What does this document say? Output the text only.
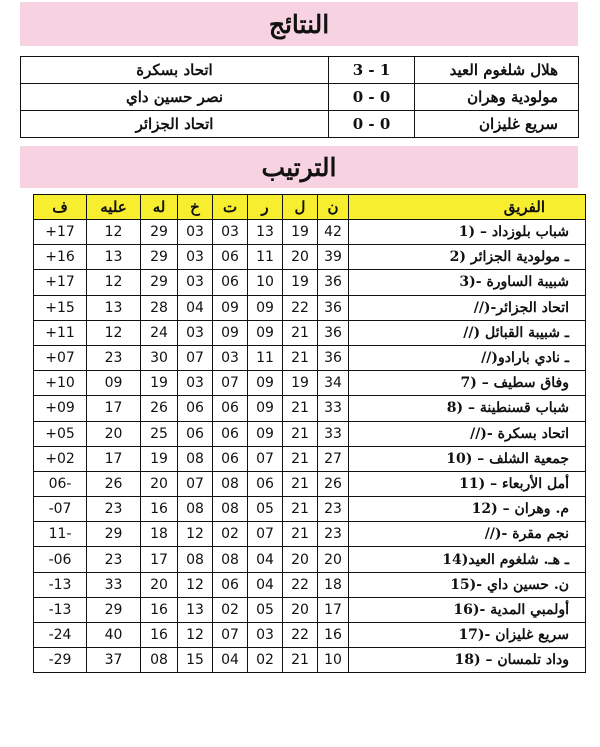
النتائج
اتحاد بسكرة	3 - 1	هلال شلغوم العيد
نصر حسين داي	0 - 0	مولودية وهران
اتحاد الجزائر	0 - 0	سريع غليزان
الترتيب
ف	عليه	له	خ	ت	ر	ل	ن	الفريق
+17	12	29	03	03	13	19	42	1) – شباب بلوزداد
+16	13	29	03	06	11	20	39	2) ـ مولودية الجزائر
+17	12	29	03	06	10	19	36	3)- شبيبة الساورة
+15	13	28	04	09	09	22	36	//)-اتحاد الجزائر
+11	12	24	03	09	09	21	36	//) ـ شبيبة القبائل
+07	23	30	07	03	11	21	36	//)ـ نادي بارادو
+10	09	19	03	07	09	19	34	7) – وفاق سطيف
+09	17	26	06	06	09	21	33	8) – شباب قسنطينة
+05	20	25	06	06	09	21	33	//)- اتحاد بسكرة
+02	17	19	08	06	07	21	27	10) – جمعية الشلف
06-	26	20	07	08	06	21	26	11) – أمل الأربعاء
-07	23	16	08	08	05	21	23	12) – م. وهران
11-	29	18	12	02	07	21	23	//)- نجم مقرة
-06	23	17	08	08	04	20	20	14)ـ هـ. شلغوم العيد
-13	33	20	12	06	04	22	18	15)- ن. حسين داي
-13	29	16	13	02	05	20	17	16)- أولمبي المدية
-24	40	16	12	07	03	22	16	17)- سريع غليزان
-29	37	08	15	04	02	21	10	18) – وداد تلمسان
